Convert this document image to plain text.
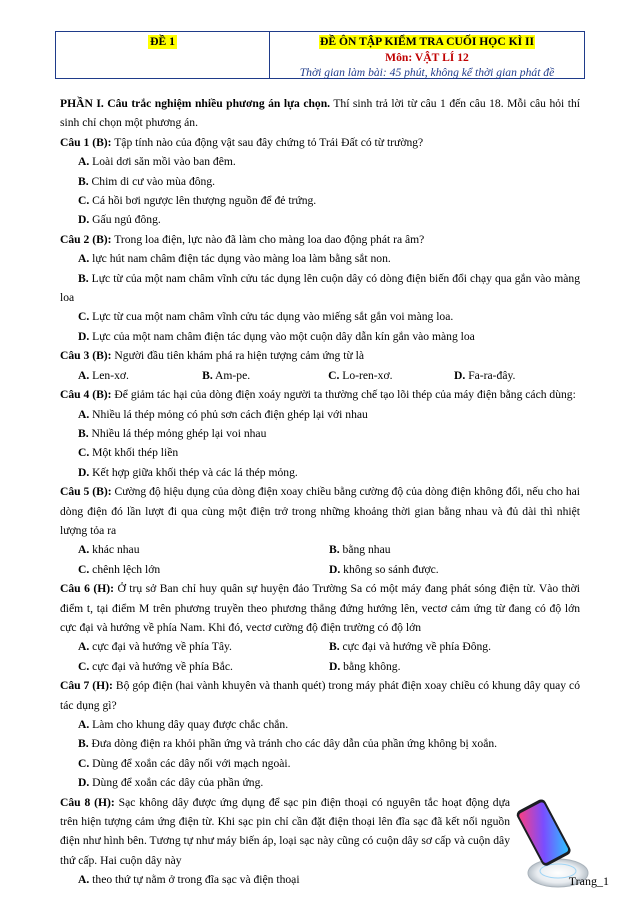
ĐỀ 1	ĐỀ ÔN TẬP KIỂM TRA CUỐI HỌC KÌ II
Môn: VẬT LÍ 12
Thời gian làm bài: 45 phút, không kể thời gian phát đề
PHẦN I. Câu trắc nghiệm nhiều phương án lựa chọn. Thí sinh trả lời từ câu 1 đến câu 18. Mỗi câu hỏi thí sinh chỉ chọn một phương án.
Câu 1 (B): Tập tính nào của động vật sau đây chứng tỏ Trái Đất có từ trường?
A. Loài dơi săn mồi vào ban đêm.
B. Chim di cư vào mùa đông.
C. Cá hồi bơi ngược lên thượng nguồn để đẻ trứng.
D. Gấu ngủ đông.
Câu 2 (B): Trong loa điện, lực nào đã làm cho màng loa dao động phát ra âm?
A. lực hút nam châm điện tác dụng vào màng loa làm bằng sắt non.
B. Lực từ của một nam châm vĩnh cửu tác dụng lên cuộn dây có dòng điện biến đổi chạy qua gắn vào màng loa
C. Lực từ cua một nam châm vĩnh cửu tác dụng vào miếng sắt gắn voi màng loa.
D. Lực của một nam châm điện tác dụng vào một cuộn dây dẫn kín gắn vào màng loa
Câu 3 (B): Người đầu tiên khám phá ra hiện tượng cảm ứng từ là
A. Len-xơ.	B. Am-pe.	C. Lo-ren-xơ.	D. Fa-ra-đây.
Câu 4 (B): Để giảm tác hại của dòng điện xoáy người ta thường chế tạo lõi thép của máy điện bằng cách dùng:
A. Nhiều lá thép mỏng có phủ sơn cách điện ghép lại với nhau
B. Nhiều lá thép mỏng ghép lại voi nhau
C. Một khối thép liền
D. Kết hợp giữa khối thép và các lá thép mỏng.
Câu 5 (B): Cường độ hiệu dụng của dòng điện xoay chiều bằng cường độ của dòng điện không đổi, nếu cho hai dòng điện đó lần lượt đi qua cùng một điện trở trong những khoảng thời gian bằng nhau và đủ dài thì nhiệt lượng tỏa ra
A. khác nhau	B. bằng nhau
C. chênh lệch lớn	D. không so sánh được.
Câu 6 (H): Ở trụ sở Ban chỉ huy quân sự huyện đảo Trường Sa có một máy đang phát sóng điện từ. Vào thời điểm t, tại điểm M trên phương truyền theo phương thẳng đứng hướng lên, vectơ cảm ứng từ đang có độ lớn cực đại và hướng về phía Nam. Khi đó, vectơ cường độ điện trường có độ lớn
A. cực đại và hướng về phía Tây.	B. cực đại và hướng về phía Đông.
C. cực đại và hướng về phía Bắc.	D. bằng không.
Câu 7 (H): Bộ góp điện (hai vành khuyên và thanh quét) trong máy phát điện xoay chiều có khung dây quay có tác dụng gì?
A. Làm cho khung dây quay được chắc chắn.
B. Đưa dòng điện ra khỏi phần ứng và tránh cho các dây dẫn của phần ứng không bị xoắn.
C. Dùng để xoắn các dây nối với mạch ngoài.
D. Dùng để xoắn các dây của phần ứng.
Câu 8 (H): Sạc không dây được ứng dụng để sạc pin điện thoại có nguyên tắc hoạt động dựa trên hiện tượng cảm ứng điện từ. Khi sạc pin chỉ cần đặt điện thoại lên đĩa sạc đã kết nối nguồn điện như hình bên. Tương tự như máy biến áp, loại sạc này cũng có cuộn dây sơ cấp và cuộn dây thứ cấp. Hai cuộn dây này
A. theo thứ tự nằm ở trong đĩa sạc và điện thoại	Trang_1
